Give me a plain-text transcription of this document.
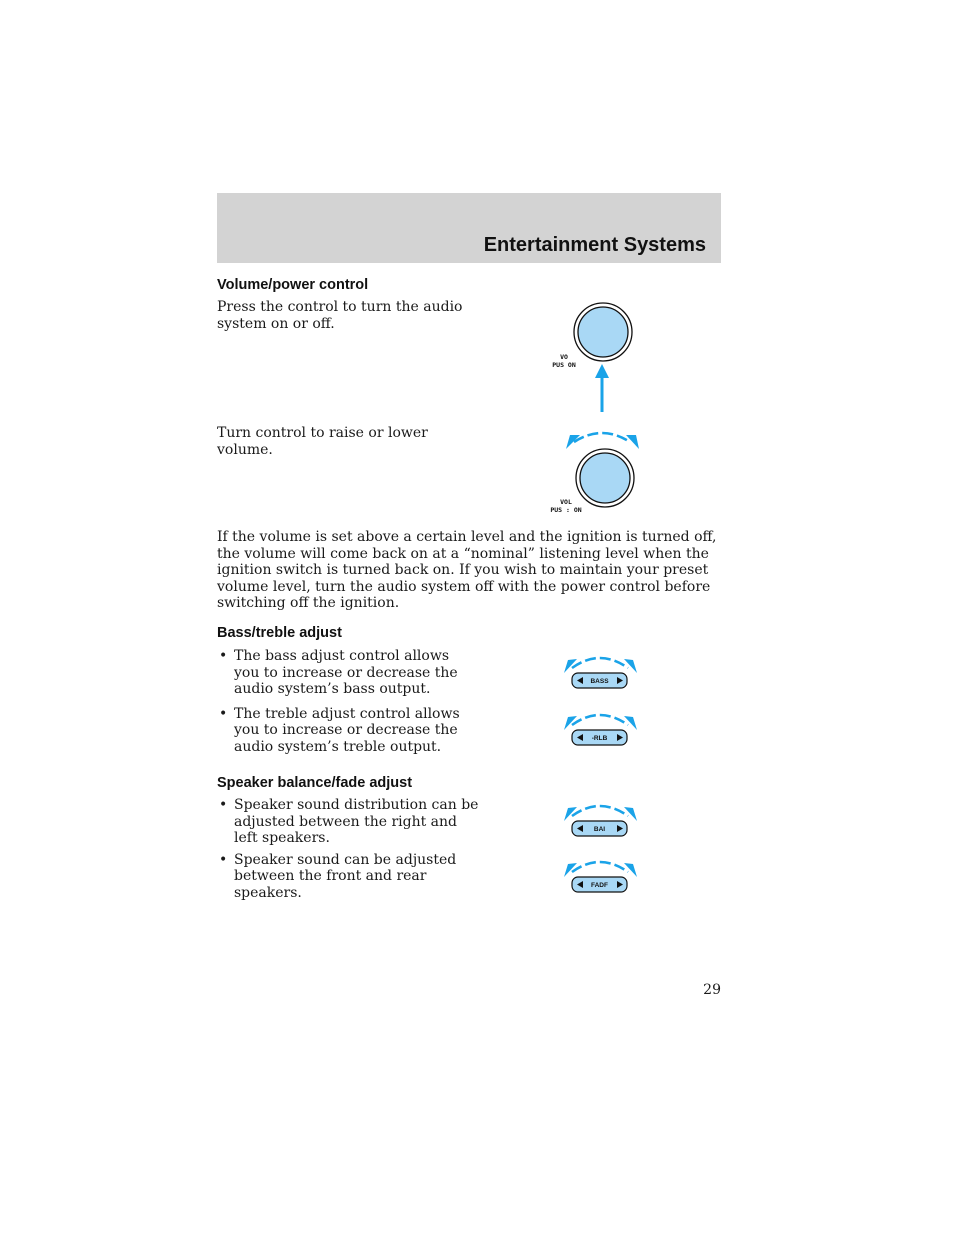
Entertainment Systems
Volume/power control
Press the control to turn the audio
system on or off.
VO
PUS ON
Turn control to raise or lower
volume.
VOL
PUS : ON
If the volume is set above a certain level and the ignition is turned off,
the volume will come back on at a “nominal” listening level when the
ignition switch is turned back on. If you wish to maintain your preset
volume level, turn the audio system off with the power control before
switching off the ignition.
Bass/treble adjust
• The bass adjust control allows
you to increase or decrease the
audio system’s bass output.
• The treble adjust control allows
you to increase or decrease the
audio system’s treble output.
BASS
‐RLB
Speaker balance/fade adjust
• Speaker sound distribution can be
adjusted between the right and
left speakers.
• Speaker sound can be adjusted
between the front and rear
speakers.
BAI
FADF
29
